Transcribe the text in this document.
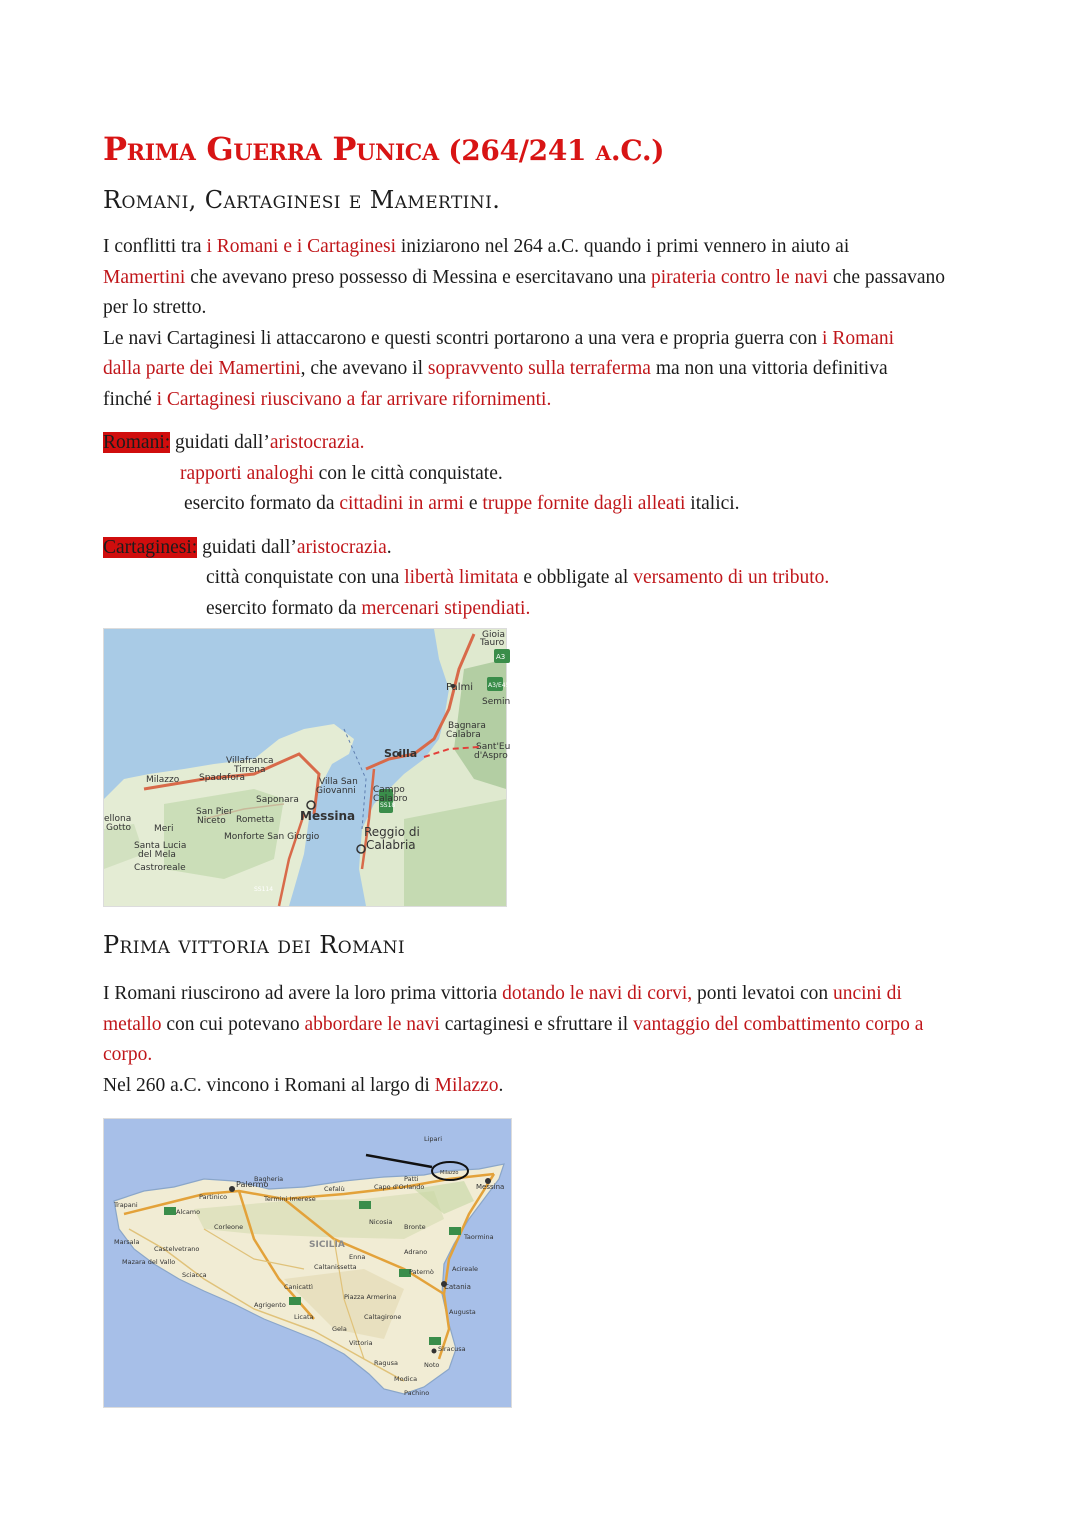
Prima Guerra Punica (264/241 a.C.)
Romani, Cartaginesi e Mamertini.

I conflitti tra i Romani e i Cartaginesi iniziarono nel 264 a.C. quando i primi vennero in aiuto ai

Mamertini che avevano preso possesso di Messina e esercitavano una pirateria contro le navi che passavano

per lo stretto.

Le navi Cartaginesi li attaccarono e questi scontri portarono a una vera e propria guerra con i Romani

dalla parte dei Mamertini, che avevano il sopravvento sulla terraferma ma non una vittoria definitiva

finché i Cartaginesi riuscivano a far arrivare rifornimenti.

Romani: guidati dall’aristocrazia.

rapporti analoghi con le città conquistate.

esercito formato da cittadini in armi e truppe fornite dagli alleati italici.

Cartaginesi: guidati dall’aristocrazia.

città conquistate con una libertà limitata e obbligate al versamento di un tributo.

esercito formato da mercenari stipendiati.

Gioia
Tauro
Palmi
Semin
Bagnara
Calabra
Sant'Eu
d'Aspro
Scilla
Villafranca
Tirrena
Spadafora
Milazzo	Villa San
Giovanni Campo
Calabro
Saponara
San Pier
Niceto Rometta Messina
Monforte San Giorgio
ellona
Gotto	Meri
Santa Lucia
del Mela
Castroreale
Reggio di
Calabria
A3
A3/E45
SS18
SS114
Prima vittoria dei Romani

I Romani riuscirono ad avere la loro prima vittoria dotando le navi di corvi, ponti levatoi con uncini di

metallo con cui potevano abbordare le navi cartaginesi e sfruttare il vantaggio del combattimento corpo a

corpo.

Nel 260 a.C. vincono i Romani al largo di Milazzo.

Lipari
Palermo	Messina
Milazzo
Trapani
Marsala
Mazara del Vallo
SICILIA
Catania
Agrigento
Gela
Siracusa
Ragusa
Caltanissetta
Enna
Cefalù
Sciacca
Licata
Taormina
Termini Imerese
Alcamo
Castelvetrano
Acireale
Augusta
Noto
Modica
Pachino
Patti
Capo d'Orlando
Bronte
Paternò
Caltagirone
Piazza Armerina
Vittoria
Canicattì
Corleone
Partinico
Bagheria
Nicosia
Adrano
